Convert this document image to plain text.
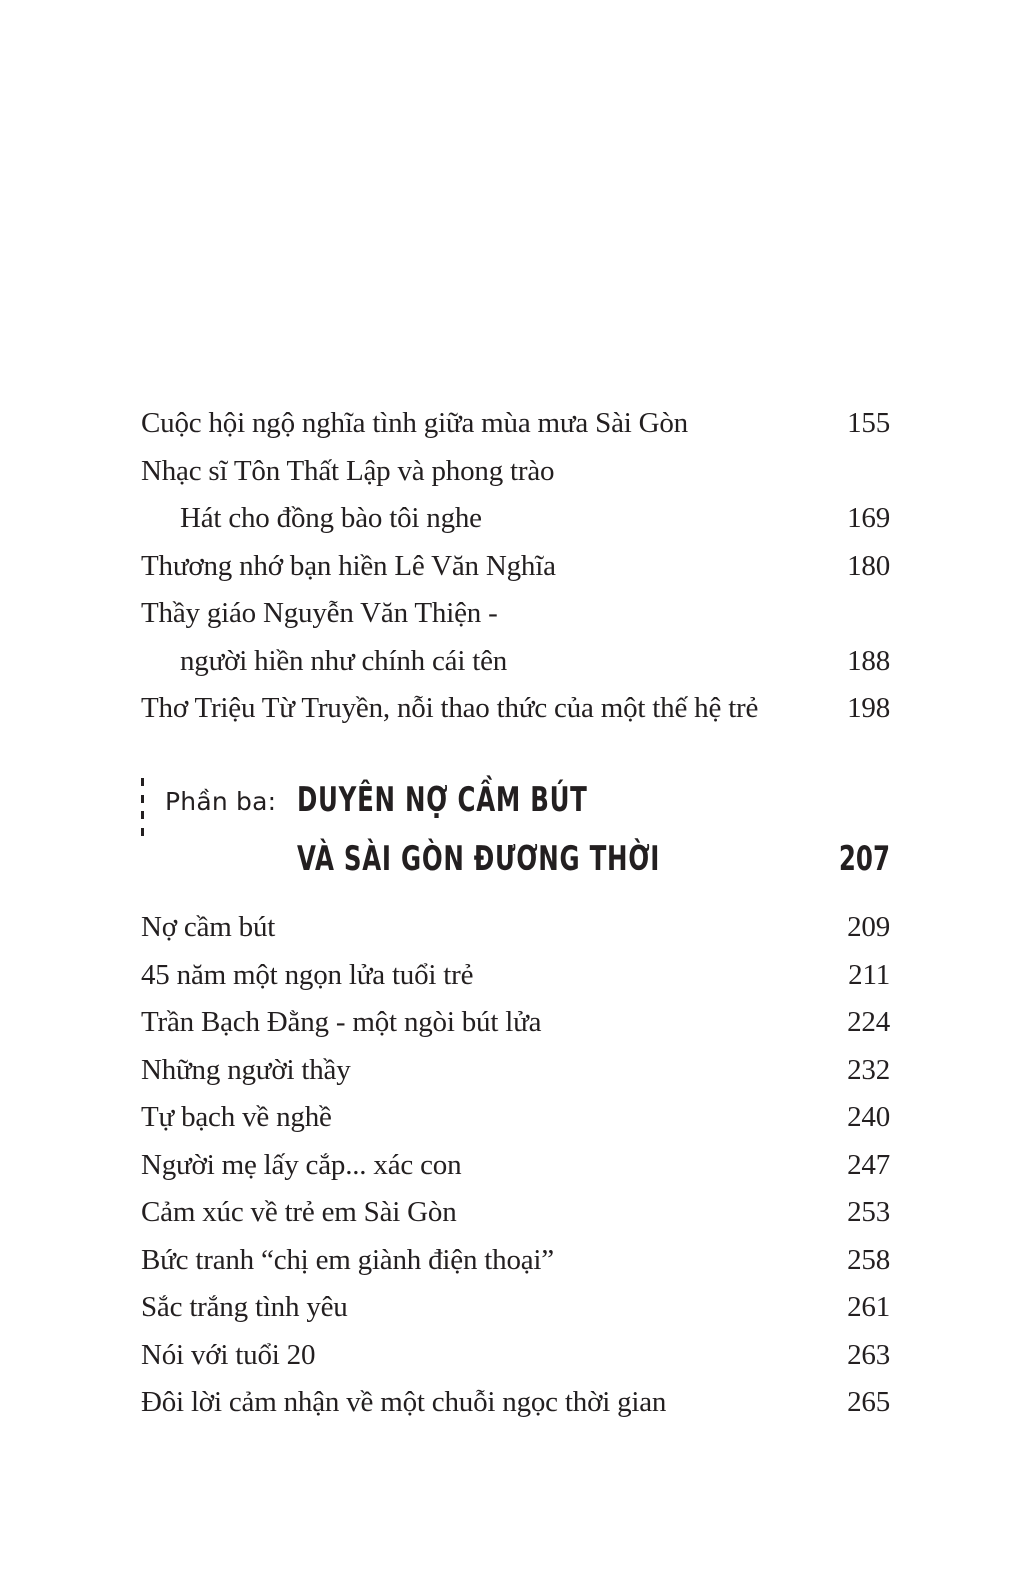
Cuộc hội ngộ nghĩa tình giữa mùa mưa Sài Gòn	155
Nhạc sĩ Tôn Thất Lập và phong trào
Hát cho đồng bào tôi nghe	169
Thương nhớ bạn hiền Lê Văn Nghĩa	180
Thầy giáo Nguyễn Văn Thiện -
người hiền như chính cái tên	188
Thơ Triệu Từ Truyền, nỗi thao thức của một thế hệ trẻ	198
Phần ba: DUYÊN NỢ CẦM BÚT
VÀ SÀI GÒN ĐƯƠNG THỜI	207
Nợ cầm bút	209
45 năm một ngọn lửa tuổi trẻ	211
Trần Bạch Đằng - một ngòi bút lửa	224
Những người thầy	232
Tự bạch về nghề	240
Người mẹ lấy cắp... xác con	247
Cảm xúc về trẻ em Sài Gòn	253
Bức tranh “chị em giành điện thoại”	258
Sắc trắng tình yêu	261
Nói với tuổi 20	263
Đôi lời cảm nhận về một chuỗi ngọc thời gian	265
